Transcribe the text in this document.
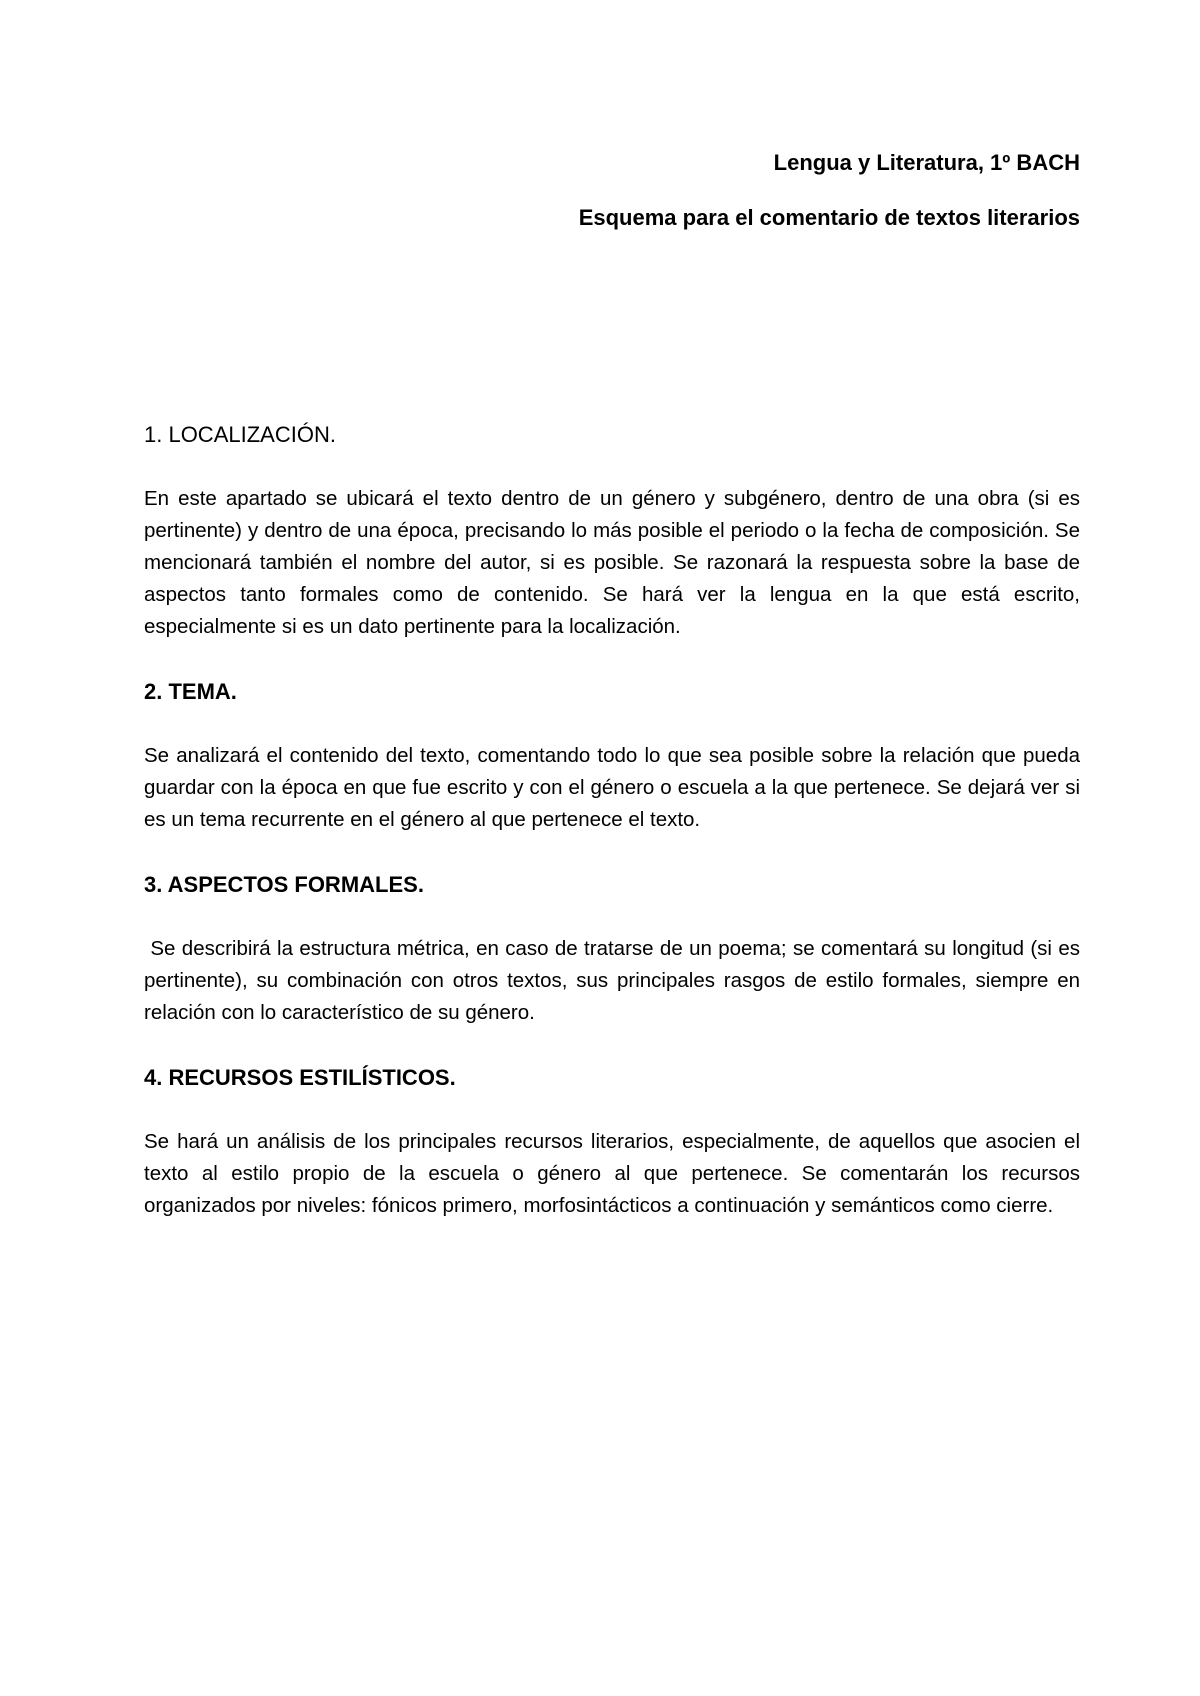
Lengua y Literatura, 1º BACH

Esquema para el comentario de textos literarios

1. LOCALIZACIÓN.

En este apartado se ubicará el texto dentro de un género y subgénero, dentro de una obra (si es pertinente) y dentro de una época, precisando lo más posible el periodo o la fecha de composición. Se mencionará también el nombre del autor, si es posible. Se razonará la respuesta sobre la base de aspectos tanto formales como de contenido. Se hará ver la lengua en la que está escrito, especialmente si es un dato pertinente para la localización.

2. TEMA.

Se analizará el contenido del texto, comentando todo lo que sea posible sobre la relación que pueda guardar con la época en que fue escrito y con el género o escuela a la que pertenece. Se dejará ver si es un tema recurrente en el género al que pertenece el texto.

3. ASPECTOS FORMALES.

Se describirá la estructura métrica, en caso de tratarse de un poema; se comentará su longitud (si es pertinente), su combinación con otros textos, sus principales rasgos de estilo formales, siempre en relación con lo característico de su género.

4. RECURSOS ESTILÍSTICOS.

Se hará un análisis de los principales recursos literarios, especialmente, de aquellos que asocien el texto al estilo propio de la escuela o género al que pertenece. Se comentarán los recursos organizados por niveles: fónicos primero, morfosintácticos a continuación y semánticos como cierre.
